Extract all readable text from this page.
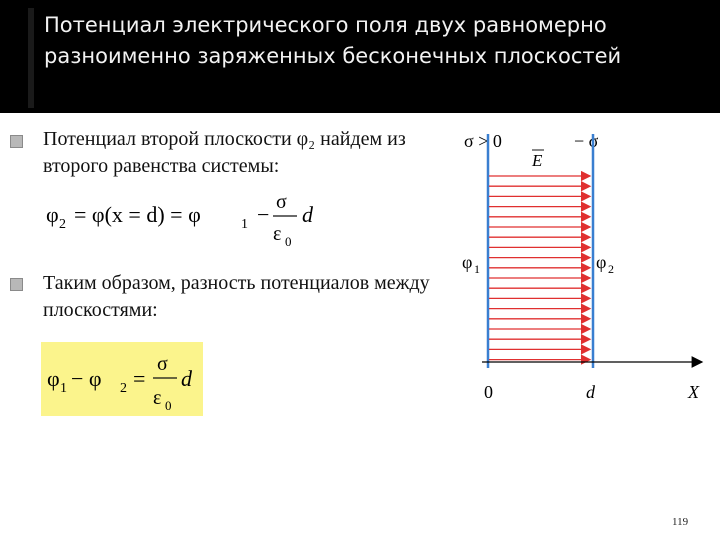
Потенциал электрического поля двух равномерно разноименно заряженных бесконечных плоскостей
Потенциал второй плоскости φ₂ найдем из второго равенства системы:
φ 2 = φ(x = d) = φ	1 − σ
ε 0
d
Таким образом, разность потенциалов между плоскостями:
φ 1 − φ 2 =
σ
ε 0
d
σ > 0	− σ
E
φ 1	φ 2
0	d	X
119
